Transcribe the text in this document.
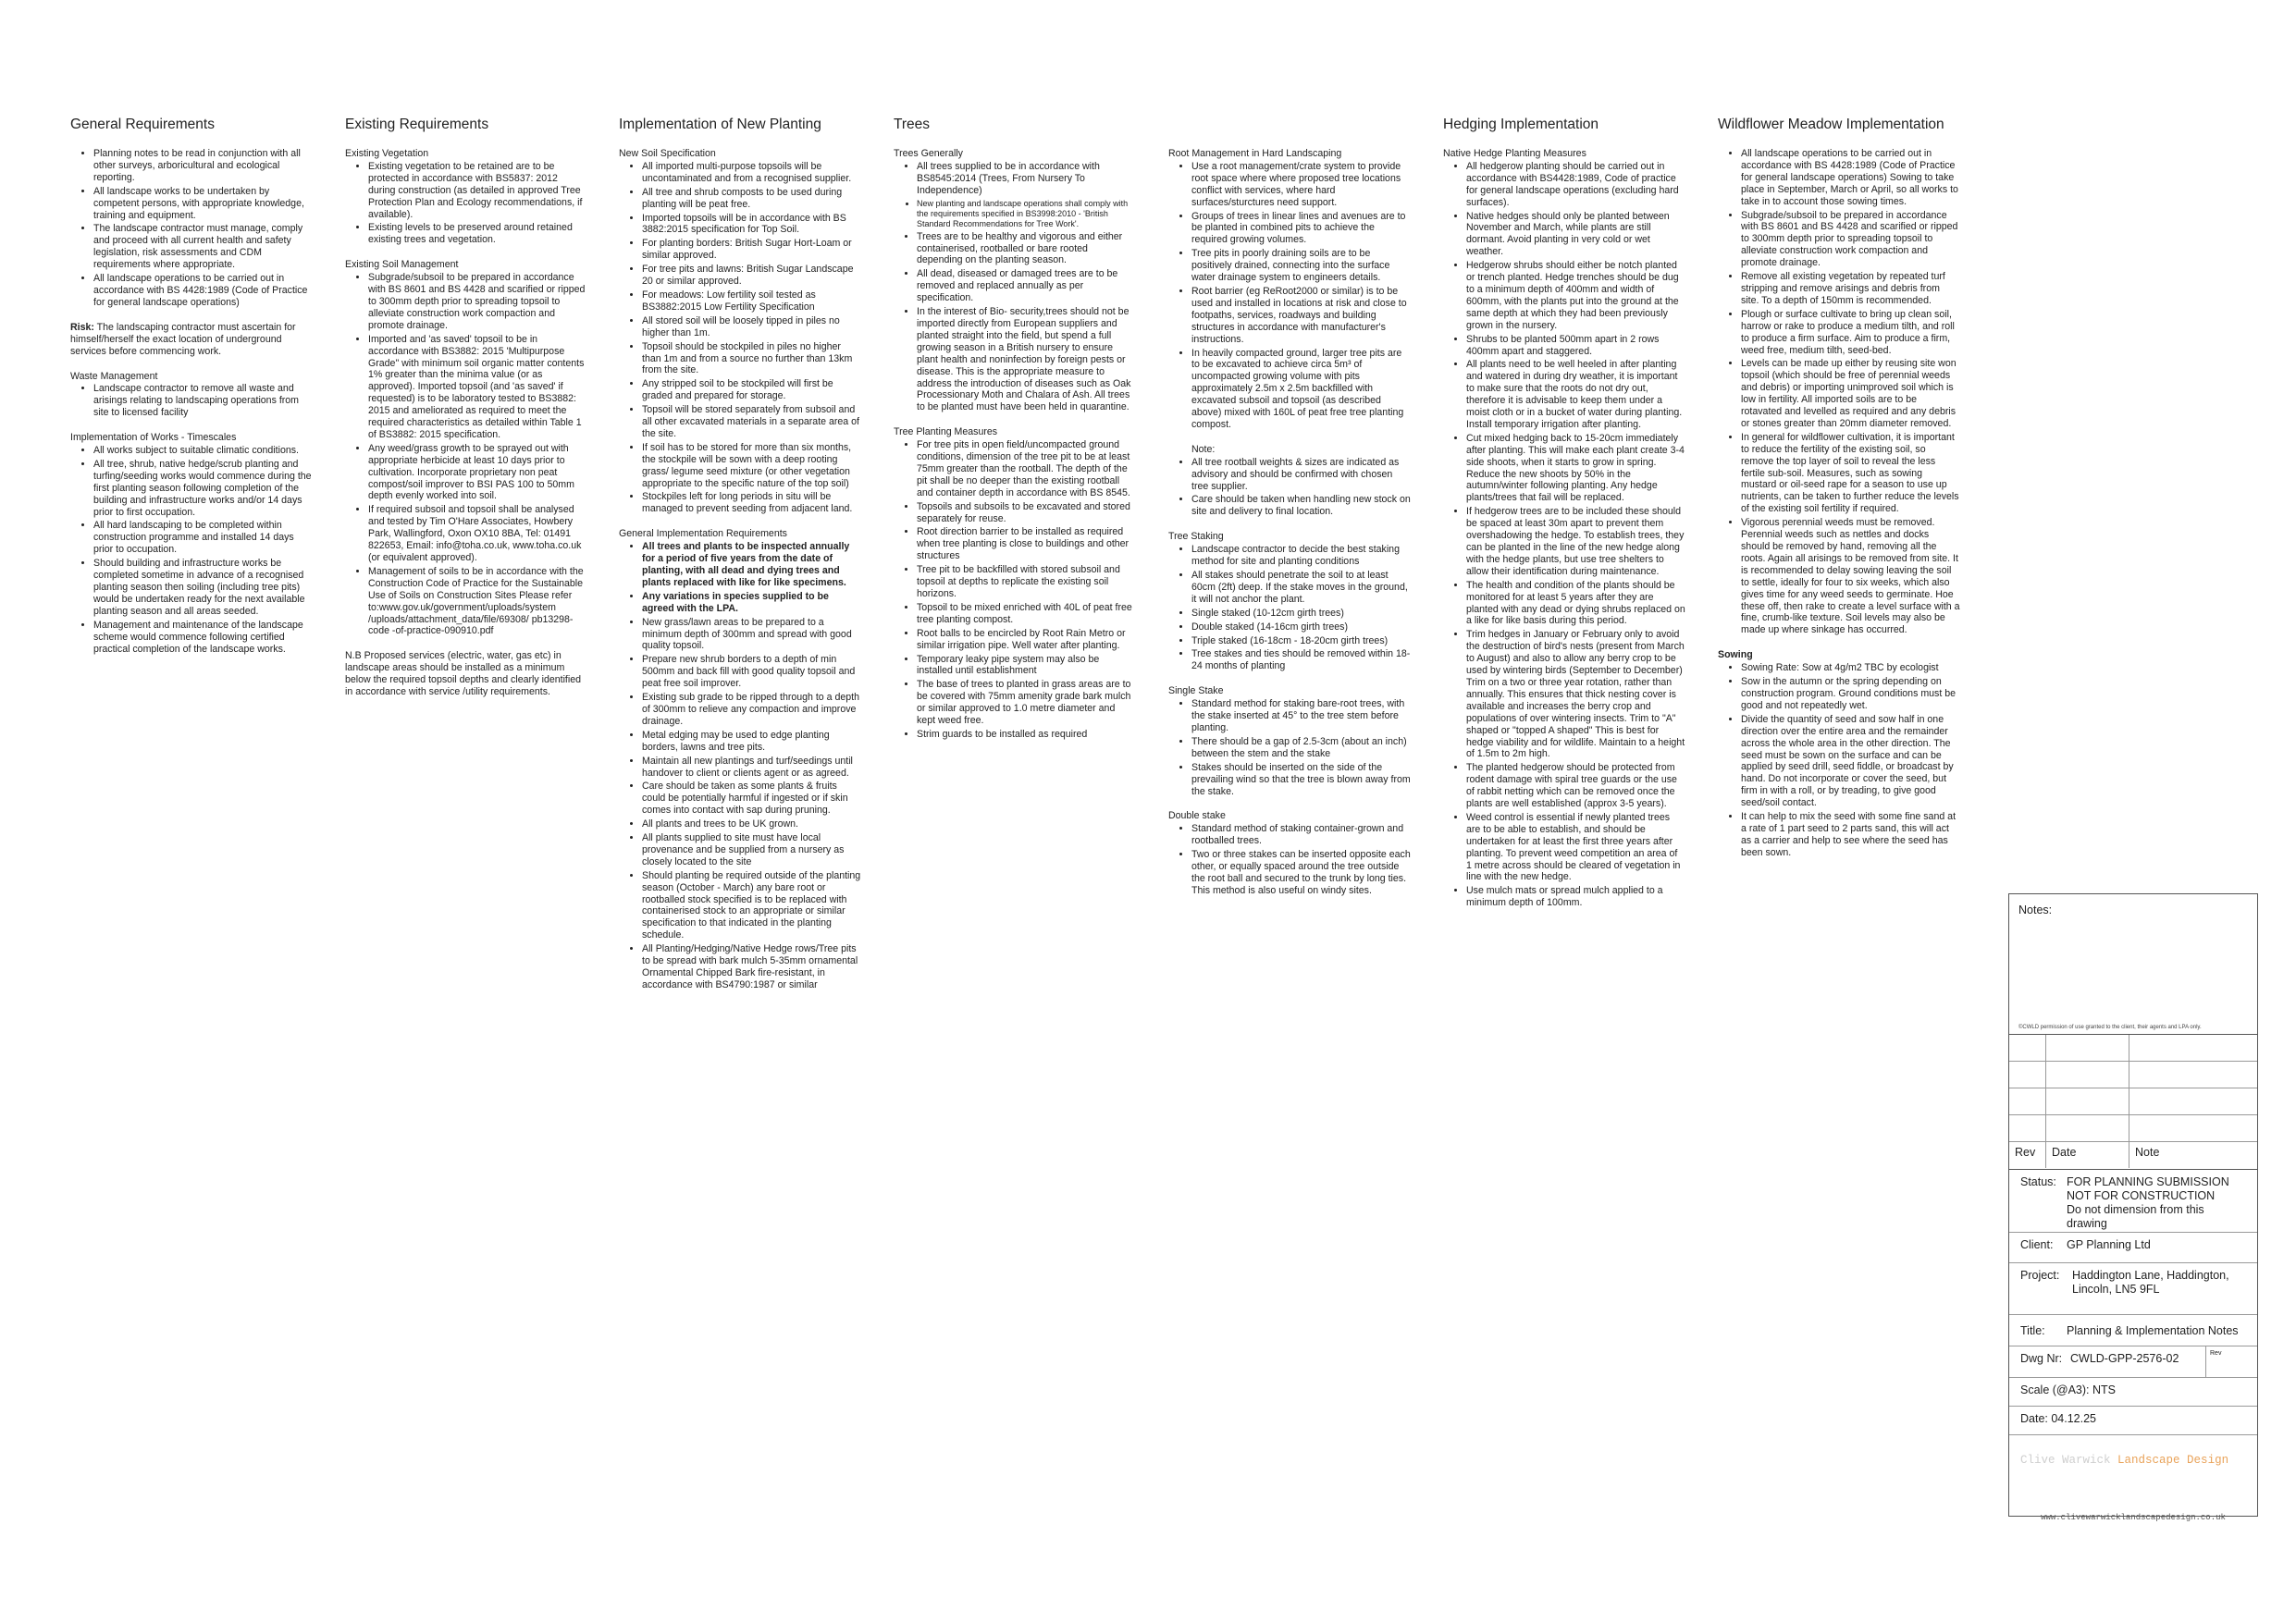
General Requirements
• Planning notes to be read in conjunction with all other surveys, arboricultural and ecological reporting.
• All landscape works to be undertaken by competent persons, with appropriate knowledge, training and equipment.
• The landscape contractor must manage, comply and proceed with all current health and safety legislation, risk assessments and CDM requirements where appropriate.
• All landscape operations to be carried out in accordance with BS 4428:1989 (Code of Practice for general landscape operations)

Risk: The landscaping contractor must ascertain for himself/herself the exact location of underground services before commencing work.

Waste Management
• Landscape contractor to remove all waste and arisings relating to landscaping operations from site to licensed facility
Implementation of Works - Timescales
• All works subject to suitable climatic conditions.
• All tree, shrub, native hedge/scrub planting and turfing/seeding works would commence during the first planting season following completion of the building and infrastructure works and/or 14 days prior to first occupation.
• All hard landscaping to be completed within construction programme and installed 14 days prior to occupation.
• Should building and infrastructure works be completed sometime in advance of a recognised planting season then soiling (including tree pits) would be undertaken ready for the next available planting season and all areas seeded.
• Management and maintenance of the landscape scheme would commence following certified practical completion of the landscape works.
Existing Requirements
Existing Vegetation
• Existing vegetation to be retained are to be protected in accordance with BS5837: 2012 during construction (as detailed in approved Tree Protection Plan and Ecology recommendations, if available).
• Existing levels to be preserved around retained existing trees and vegetation.
Existing Soil Management
• Subgrade/subsoil to be prepared in accordance with BS 8601 and BS 4428 and scarified or ripped to 300mm depth prior to spreading topsoil to alleviate construction work compaction and promote drainage.
• Imported and 'as saved' topsoil to be in accordance with BS3882: 2015 'Multipurpose Grade" with minimum soil organic matter contents 1% greater than the minima value (or as approved). Imported topsoil (and 'as saved' if requested) is to be laboratory tested to BS3882: 2015 and ameliorated as required to meet the required characteristics as detailed within Table 1 of BS3882: 2015 specification.
• Any weed/grass growth to be sprayed out with appropriate herbicide at least 10 days prior to cultivation. Incorporate proprietary non peat compost/soil improver to BSI PAS 100 to 50mm depth evenly worked into soil.
• If required subsoil and topsoil shall be analysed and tested by Tim O'Hare Associates, Howbery Park, Wallingford, Oxon OX10 8BA, Tel: 01491 822653, Email: info@toha.co.uk, www.toha.co.uk (or equivalent approved).
• Management of soils to be in accordance with the Construction Code of Practice for the Sustainable Use of Soils on Construction Sites Please refer to:www.gov.uk/government/uploads/system /uploads/attachment_data/file/69308/ pb13298-code -of-practice-090910.pdf

N.B Proposed services (electric, water, gas etc) in landscape areas should be installed as a minimum below the required topsoil depths and clearly identified in accordance with service /utility requirements.

Implementation of New Planting
New Soil Specification
• All imported multi-purpose topsoils will be uncontaminated and from a recognised supplier.
• All tree and shrub composts to be used during planting will be peat free.
• Imported topsoils will be in accordance with BS 3882:2015 specification for Top Soil.
• For planting borders: British Sugar Hort-Loam or similar approved.
• For tree pits and lawns: British Sugar Landscape 20 or similar approved.
• For meadows: Low fertility soil tested as BS3882:2015 Low Fertility Specification
• All stored soil will be loosely tipped in piles no higher than 1m.
• Topsoil should be stockpiled in piles no higher than 1m and from a source no further than 13km from the site.
• Any stripped soil to be stockpiled will first be graded and prepared for storage.
• Topsoil will be stored separately from subsoil and all other excavated materials in a separate area of the site.
• If soil has to be stored for more than six months, the stockpile will be sown with a deep rooting grass/ legume seed mixture (or other vegetation appropriate to the specific nature of the top soil)
• Stockpiles left for long periods in situ will be managed to prevent seeding from adjacent land.
General Implementation Requirements
• All trees and plants to be inspected annually for a period of five years from the date of planting, with all dead and dying trees and plants replaced with like for like specimens.
• Any variations in species supplied to be agreed with the LPA.
• New grass/lawn areas to be prepared to a minimum depth of 300mm and spread with good quality topsoil.
• Prepare new shrub borders to a depth of min 500mm and back fill with good quality topsoil and peat free soil improver.
• Existing sub grade to be ripped through to a depth of 300mm to relieve any compaction and improve drainage.
• Metal edging may be used to edge planting borders, lawns and tree pits.
• Maintain all new plantings and turf/seedings until handover to client or clients agent or as agreed.
• Care should be taken as some plants & fruits could be potentially harmful if ingested or if skin comes into contact with sap during pruning.
• All plants and trees to be UK grown.
• All plants supplied to site must have local provenance and be supplied from a nursery as closely located to the site
• Should planting be required outside of the planting season (October - March) any bare root or rootballed stock specified is to be replaced with containerised stock to an appropriate or similar specification to that indicated in the planting schedule.
• All Planting/Hedging/Native Hedge rows/Tree pits to be spread with bark mulch 5-35mm ornamental Ornamental Chipped Bark fire-resistant, in accordance with BS4790:1987 or similar
Trees
Trees Generally
• All trees supplied to be in accordance with BS8545:2014 (Trees, From Nursery To Independence)
• New planting and landscape operations shall comply with the requirements specified in BS3998:2010 - 'British Standard Recommendations for Tree Work'.
• Trees are to be healthy and vigorous and either containerised, rootballed or bare rooted depending on the planting season.
• All dead, diseased or damaged trees are to be removed and replaced annually as per specification.
• In the interest of Bio- security,trees should not be imported directly from European suppliers and planted straight into the field, but spend a full growing season in a British nursery to ensure plant health and noninfection by foreign pests or disease. This is the appropriate measure to address the introduction of diseases such as Oak Processionary Moth and Chalara of Ash. All trees to be planted must have been held in quarantine.
Tree Planting Measures
• For tree pits in open field/uncompacted ground conditions, dimension of the tree pit to be at least 75mm greater than the rootball. The depth of the pit shall be no deeper than the existing rootball and container depth in accordance with BS 8545.
• Topsoils and subsoils to be excavated and stored separately for reuse.
• Root direction barrier to be installed as required when tree planting is close to buildings and other structures
• Tree pit to be backfilled with stored subsoil and topsoil at depths to replicate the existing soil horizons.
• Topsoil to be mixed enriched with 40L of peat free tree planting compost.
• Root balls to be encircled by Root Rain Metro or similar irrigation pipe. Well water after planting.
• Temporary leaky pipe system may also be installed until establishment
• The base of trees to planted in grass areas are to be covered with 75mm amenity grade bark mulch or similar approved to 1.0 metre diameter and kept weed free.
• Strim guards to be installed as required
Root Management in Hard Landscaping
• Use a root management/crate system to provide root space where where proposed tree locations conflict with services, where hard surfaces/sturctures need support.
• Groups of trees in linear lines and avenues are to be planted in combined pits to achieve the required growing volumes.
• Tree pits in poorly draining soils are to be positively drained, connecting into the surface water drainage system to engineers details.
• Root barrier (eg ReRoot2000 or similar) is to be used and installed in locations at risk and close to footpaths, services, roadways and building structures in accordance with manufacturer's instructions.
• In heavily compacted ground, larger tree pits are to be excavated to achieve circa 5m³ of uncompacted growing volume with pits approximately 2.5m x 2.5m backfilled with excavated subsoil and topsoil (as described above) mixed with 160L of peat free tree planting compost.
Note:
• All tree rootball weights & sizes are indicated as advisory and should be confirmed with chosen tree supplier.
• Care should be taken when handling new stock on site and delivery to final location.
Tree Staking
• Landscape contractor to decide the best staking method for site and planting conditions
• All stakes should penetrate the soil to at least 60cm (2ft) deep. If the stake moves in the ground, it will not anchor the plant.
• Single staked (10-12cm girth trees)
• Double staked (14-16cm girth trees)
• Triple staked (16-18cm - 18-20cm girth trees)
• Tree stakes and ties should be removed within 18-24 months of planting
Single Stake
• Standard method for staking bare-root trees, with the stake inserted at 45° to the tree stem before planting.
• There should be a gap of 2.5-3cm (about an inch) between the stem and the stake
• Stakes should be inserted on the side of the prevailing wind so that the tree is blown away from the stake.
Double stake
• Standard method of staking container-grown and rootballed trees.
• Two or three stakes can be inserted opposite each other, or equally spaced around the tree outside the root ball and secured to the trunk by long ties. This method is also useful on windy sites.
Hedging Implementation
Native Hedge Planting Measures
• All hedgerow planting should be carried out in accordance with BS4428:1989, Code of practice for general landscape operations (excluding hard surfaces).
• Native hedges should only be planted between November and March, while plants are still dormant. Avoid planting in very cold or wet weather.
• Hedgerow shrubs should either be notch planted or trench planted. Hedge trenches should be dug to a minimum depth of 400mm and width of 600mm, with the plants put into the ground at the same depth at which they had been previously grown in the nursery.
• Shrubs to be planted 500mm apart in 2 rows 400mm apart and staggered.
• All plants need to be well heeled in after planting and watered in during dry weather, it is important to make sure that the roots do not dry out, therefore it is advisable to keep them under a moist cloth or in a bucket of water during planting. Install temporary irrigation after planting.
• Cut mixed hedging back to 15-20cm immediately after planting. This will make each plant create 3-4 side shoots, when it starts to grow in spring. Reduce the new shoots by 50% in the autumn/winter following planting. Any hedge plants/trees that fail will be replaced.
• If hedgerow trees are to be included these should be spaced at least 30m apart to prevent them overshadowing the hedge. To establish trees, they can be planted in the line of the new hedge along with the hedge plants, but use tree shelters to allow their identification during maintenance.
• The health and condition of the plants should be monitored for at least 5 years after they are planted with any dead or dying shrubs replaced on a like for like basis during this period.
• Trim hedges in January or February only to avoid the destruction of bird's nests (present from March to August) and also to allow any berry crop to be used by wintering birds (September to December) Trim on a two or three year rotation, rather than annually. This ensures that thick nesting cover is available and increases the berry crop and populations of over wintering insects. Trim to "A" shaped or "topped A shaped" This is best for hedge viability and for wildlife. Maintain to a height of 1.5m to 2m high.
• The planted hedgerow should be protected from rodent damage with spiral tree guards or the use of rabbit netting which can be removed once the plants are well established (approx 3-5 years).
• Weed control is essential if newly planted trees are to be able to establish, and should be undertaken for at least the first three years after planting. To prevent weed competition an area of 1 metre across should be cleared of vegetation in line with the new hedge.
• Use mulch mats or spread mulch applied to a minimum depth of 100mm.
Wildflower Meadow Implementation
• All landscape operations to be carried out in accordance with BS 4428:1989 (Code of Practice for general landscape operations) Sowing to take place in September, March or April, so all works to take in to account those sowing times.
• Subgrade/subsoil to be prepared in accordance with BS 8601 and BS 4428 and scarified or ripped to 300mm depth prior to spreading topsoil to alleviate construction work compaction and promote drainage.
• Remove all existing vegetation by repeated turf stripping and remove arisings and debris from site. To a depth of 150mm is recommended.
• Plough or surface cultivate to bring up clean soil, harrow or rake to produce a medium tilth, and roll to produce a firm surface. Aim to produce a firm, weed free, medium tilth, seed-bed.
• Levels can be made up either by reusing site won topsoil (which should be free of perennial weeds and debris) or importing unimproved soil which is low in fertility. All imported soils are to be rotavated and levelled as required and any debris or stones greater than 20mm diameter removed.
• In general for wildflower cultivation, it is important to reduce the fertility of the existing soil, so remove the top layer of soil to reveal the less fertile sub-soil. Measures, such as sowing mustard or oil-seed rape for a season to use up nutrients, can be taken to further reduce the levels of the existing soil fertility if required.
• Vigorous perennial weeds must be removed. Perennial weeds such as nettles and docks should be removed by hand, removing all the roots. Again all arisings to be removed from site. It is recommended to delay sowing leaving the soil to settle, ideally for four to six weeks, which also gives time for any weed seeds to germinate. Hoe these off, then rake to create a level surface with a fine, crumb-like texture. Soil levels may also be made up where sinkage has occurred.
Sowing
• Sowing Rate: Sow at 4g/m2 TBC by ecologist
• Sow in the autumn or the spring depending on construction program. Ground conditions must be good and not repeatedly wet.
• Divide the quantity of seed and sow half in one direction over the entire area and the remainder across the whole area in the other direction. The seed must be sown on the surface and can be applied by seed drill, seed fiddle, or broadcast by hand. Do not incorporate or cover the seed, but firm in with a roll, or by treading, to give good seed/soil contact.
• It can help to mix the seed with some fine sand at a rate of 1 part seed to 2 parts sand, this will act as a carrier and help to see where the seed has been sown.
Notes:
©CWLD permission of use granted to the client, their agents and LPA only.
Rev	Date	Note
Status: FOR PLANNING SUBMISSION
NOT FOR CONSTRUCTION
Do not dimension from this drawing
Client:	GP Planning Ltd
Project:	Haddington Lane, Haddington,
Lincoln, LN5 9FL
Title:	Planning & Implementation Notes
Dwg Nr: CWLD-GPP-2576-02	Rev
Scale (@A3): NTS
Date: 04.12.25
Clive Warwick Landscape Design
www.clivewarwicklandscapedesign.co.uk
